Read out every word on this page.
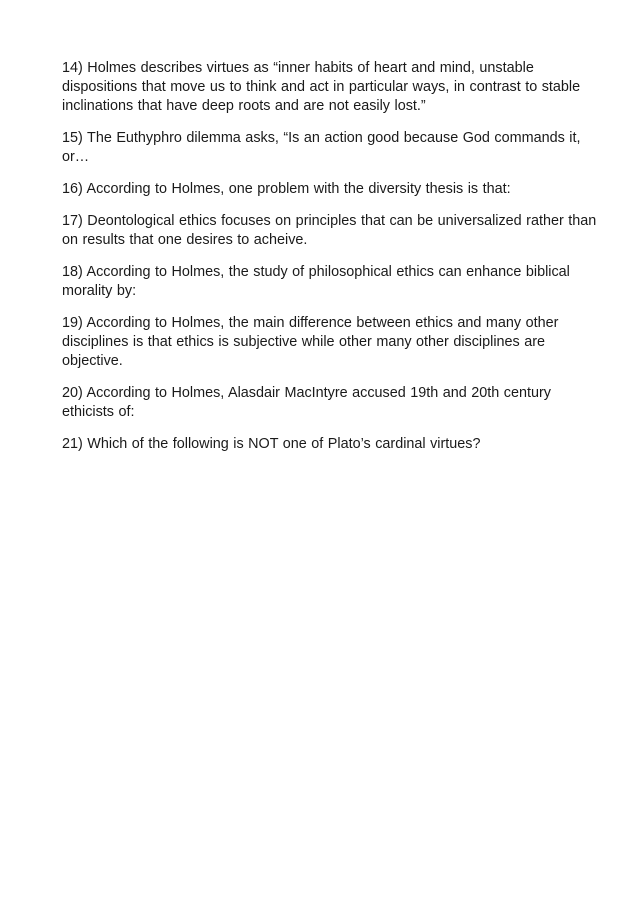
14) Holmes describes virtues as “inner habits of heart and mind, unstable dispositions that move us to think and act in particular ways, in contrast to stable inclinations that have deep roots and are not easily lost.”

15) The Euthyphro dilemma asks, “Is an action good because God commands it, or…

16) According to Holmes, one problem with the diversity thesis is that:

17) Deontological ethics focuses on principles that can be universalized rather than on results that one desires to acheive.

18) According to Holmes, the study of philosophical ethics can enhance biblical morality by:

19) According to Holmes, the main difference between ethics and many other disciplines is that ethics is subjective while other many other disciplines are objective.

20) According to Holmes, Alasdair MacIntyre accused 19th and 20th century ethicists of:

21) Which of the following is NOT one of Plato’s cardinal virtues?
